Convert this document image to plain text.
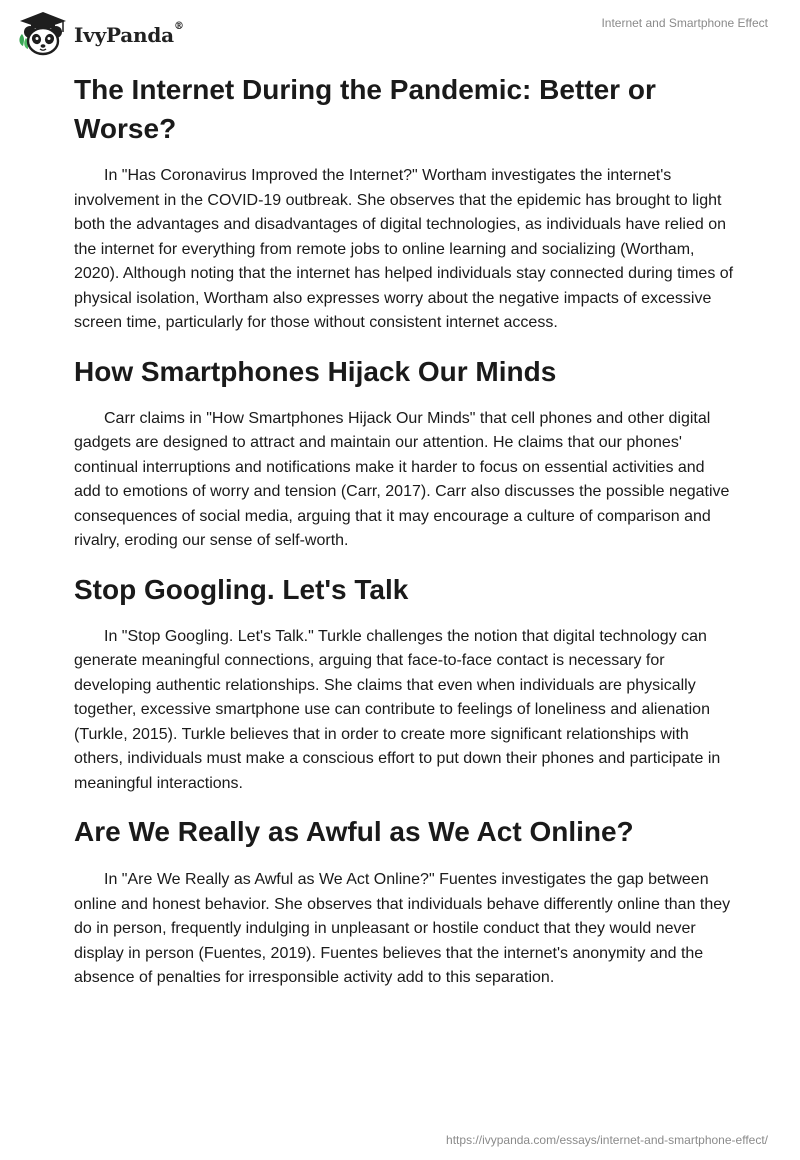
IvyPanda®	Internet and Smartphone Effect
The Internet During the Pandemic: Better or Worse?

In "Has Coronavirus Improved the Internet?" Wortham investigates the internet's involvement in the COVID-19 outbreak. She observes that the epidemic has brought to light both the advantages and disadvantages of digital technologies, as individuals have relied on the internet for everything from remote jobs to online learning and socializing (Wortham, 2020). Although noting that the internet has helped individuals stay connected during times of physical isolation, Wortham also expresses worry about the negative impacts of excessive screen time, particularly for those without consistent internet access.

How Smartphones Hijack Our Minds

Carr claims in "How Smartphones Hijack Our Minds" that cell phones and other digital gadgets are designed to attract and maintain our attention. He claims that our phones' continual interruptions and notifications make it harder to focus on essential activities and add to emotions of worry and tension (Carr, 2017). Carr also discusses the possible negative consequences of social media, arguing that it may encourage a culture of comparison and rivalry, eroding our sense of self-worth.

Stop Googling. Let's Talk

In "Stop Googling. Let's Talk." Turkle challenges the notion that digital technology can generate meaningful connections, arguing that face-to-face contact is necessary for developing authentic relationships. She claims that even when individuals are physically together, excessive smartphone use can contribute to feelings of loneliness and alienation (Turkle, 2015). Turkle believes that in order to create more significant relationships with others, individuals must make a conscious effort to put down their phones and participate in meaningful interactions.

Are We Really as Awful as We Act Online?

In "Are We Really as Awful as We Act Online?" Fuentes investigates the gap between online and honest behavior. She observes that individuals behave differently online than they do in person, frequently indulging in unpleasant or hostile conduct that they would never display in person (Fuentes, 2019). Fuentes believes that the internet's anonymity and the absence of penalties for irresponsible activity add to this separation.

https://ivypanda.com/essays/internet-and-smartphone-effect/
